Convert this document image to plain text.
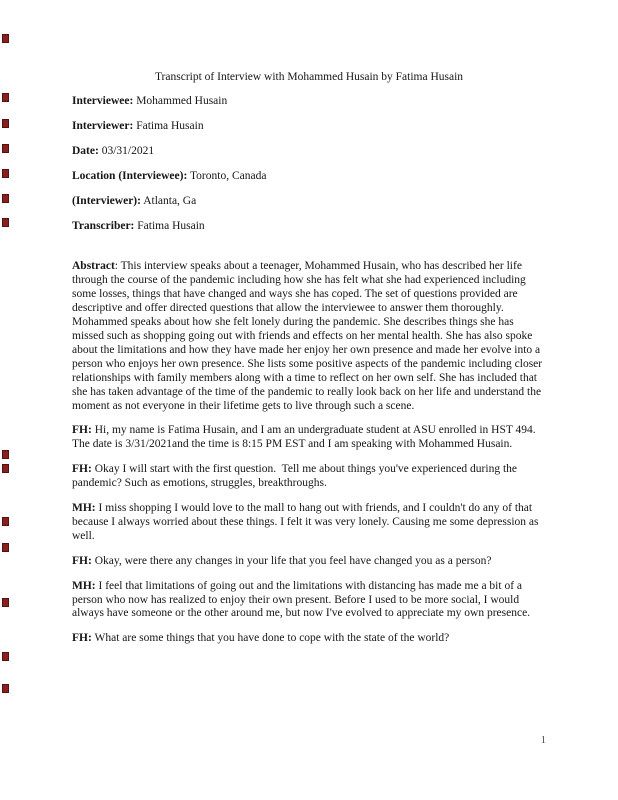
Transcript of Interview with Mohammed Husain by Fatima Husain

Interviewee: Mohammed Husain

Interviewer: Fatima Husain

Date: 03/31/2021

Location (Interviewee): Toronto, Canada

(Interviewer): Atlanta, Ga

Transcriber: Fatima Husain

Abstract: This interview speaks about a teenager, Mohammed Husain, who has described her life through the course of the pandemic including how she has felt what she had experienced including some losses, things that have changed and ways she has coped. The set of questions provided are descriptive and offer directed questions that allow the interviewee to answer them thoroughly. Mohammed speaks about how she felt lonely during the pandemic. She describes things she has missed such as shopping going out with friends and effects on her mental health. She has also spoke about the limitations and how they have made her enjoy her own presence and made her evolve into a person who enjoys her own presence. She lists some positive aspects of the pandemic including closer relationships with family members along with a time to reflect on her own self. She has included that she has taken advantage of the time of the pandemic to really look back on her life and understand the moment as not everyone in their lifetime gets to live through such a scene.

FH: Hi, my name is Fatima Husain, and I am an undergraduate student at ASU enrolled in HST 494. The date is 3/31/2021and the time is 8:15 PM EST and I am speaking with Mohammed Husain.

FH: Okay I will start with the first question.  Tell me about things you've experienced during the pandemic? Such as emotions, struggles, breakthroughs.

MH: I miss shopping I would love to the mall to hang out with friends, and I couldn't do any of that because I always worried about these things. I felt it was very lonely. Causing me some depression as well.

FH: Okay, were there any changes in your life that you feel have changed you as a person?

MH: I feel that limitations of going out and the limitations with distancing has made me a bit of a person who now has realized to enjoy their own present. Before I used to be more social, I would always have someone or the other around me, but now I've evolved to appreciate my own presence.

FH: What are some things that you have done to cope with the state of the world?

1
